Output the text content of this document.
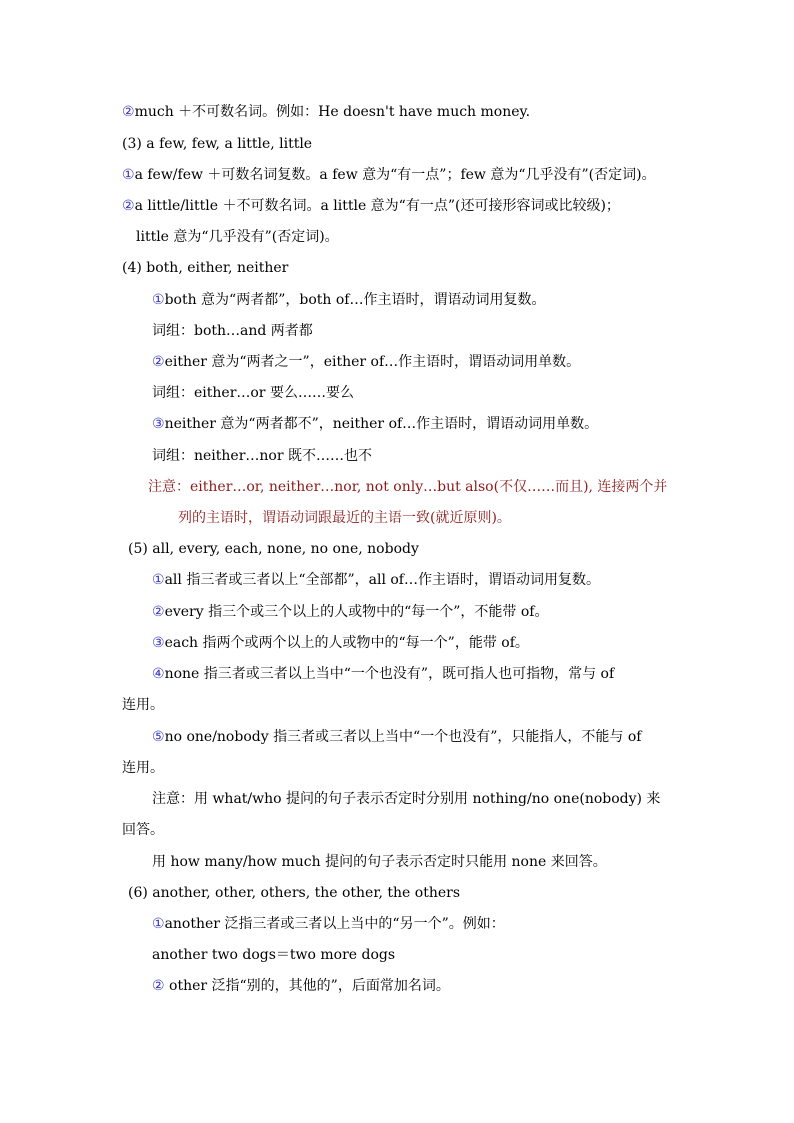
②much ＋不可数名词。例如：He doesn't have much money.
(3) a few, few, a little, little
①a few/few ＋可数名词复数。a few 意为“有一点”；few 意为“几乎没有”(否定词)。
②a little/little ＋不可数名词。a little 意为“有一点”(还可接形容词或比较级)；
little 意为“几乎没有”(否定词)。
(4) both, either, neither
①both 意为“两者都”，both of…作主语时，谓语动词用复数。
词组：both…and 两者都
②either 意为“两者之一”，either of…作主语时，谓语动词用单数。
词组：either…or 要么……要么
③neither 意为“两者都不”，neither of…作主语时，谓语动词用单数。
词组：neither…nor 既不……也不
注意：either…or, neither…nor, not only…but also(不仅……而且), 连接两个并
列的主语时，谓语动词跟最近的主语一致(就近原则)。
(5) all, every, each, none, no one, nobody
①all 指三者或三者以上“全部都”，all of…作主语时，谓语动词用复数。
②every 指三个或三个以上的人或物中的“每一个”，不能带 of。
③each 指两个或两个以上的人或物中的“每一个”，能带 of。
④none 指三者或三者以上当中“一个也没有”，既可指人也可指物，常与 of
连用。
⑤no one/nobody 指三者或三者以上当中“一个也没有”，只能指人，不能与 of
连用。
注意：用 what/who 提问的句子表示否定时分别用 nothing/no one(nobody) 来
回答。
用 how many/how much 提问的句子表示否定时只能用 none 来回答。
(6) another, other, others, the other, the others
①another 泛指三者或三者以上当中的“另一个”。例如：
another two dogs＝two more dogs
② other 泛指“别的，其他的”，后面常加名词。
